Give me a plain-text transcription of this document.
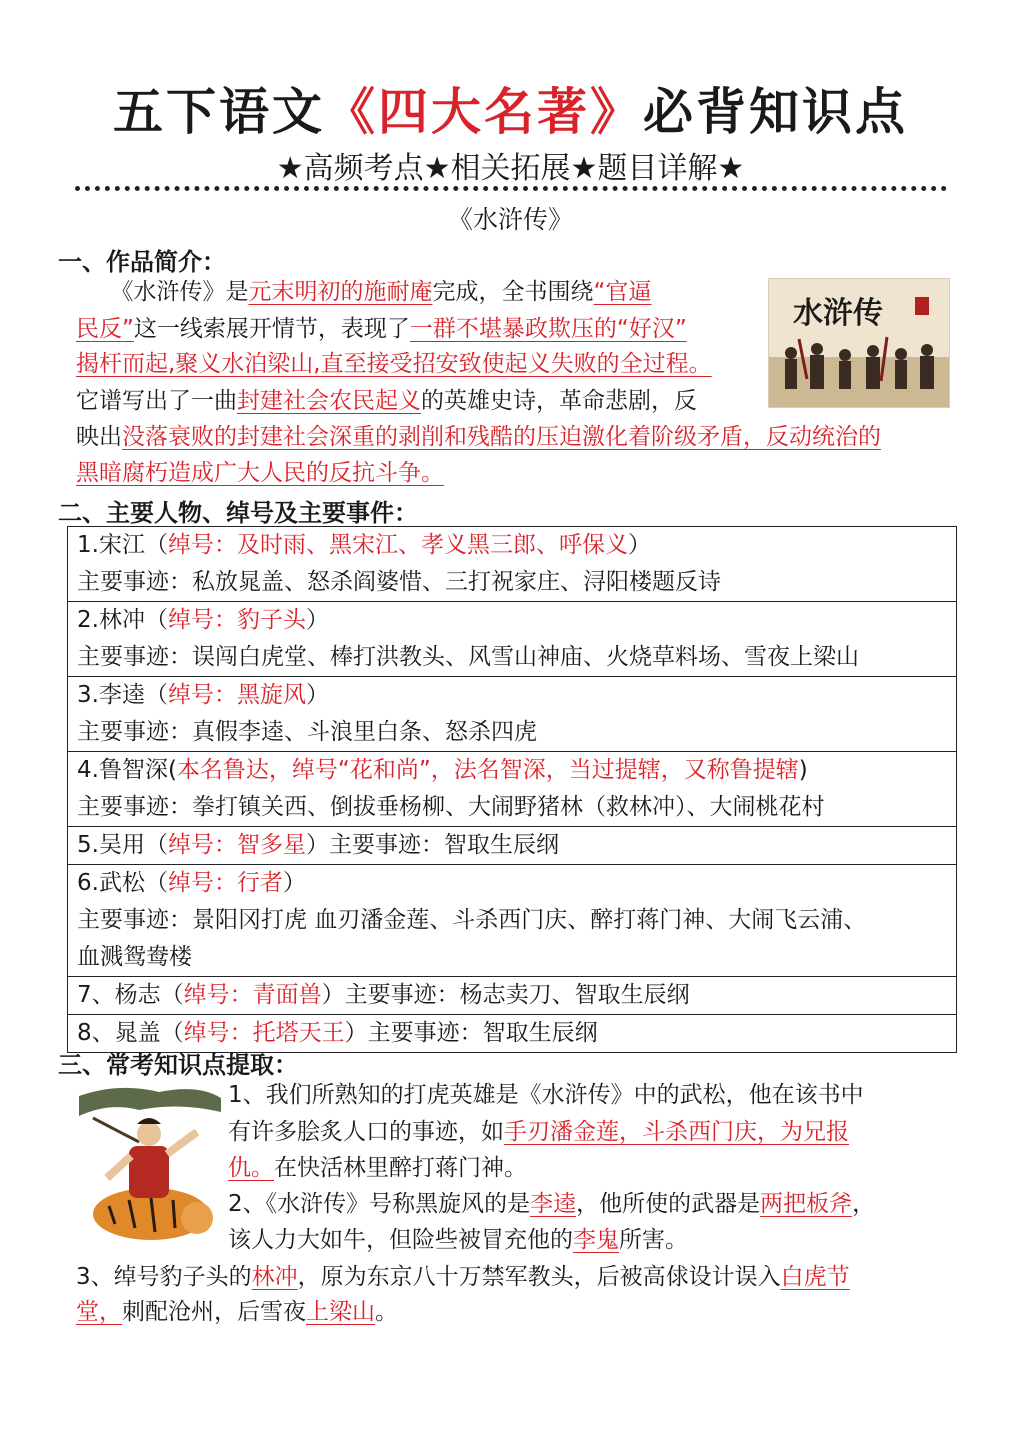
五下语文《四大名著》必背知识点
★高频考点★相关拓展★题目详解★
《水浒传》
一、作品简介：
　　《水浒传》是元末明初的施耐庵完成，全书围绕“官逼
民反”这一线索展开情节，表现了一群不堪暴政欺压的“好汉”
揭杆而起,聚义水泊梁山,直至接受招安致使起义失败的全过程。
它谱写出了一曲封建社会农民起义的英雄史诗，革命悲剧，反
映出没落衰败的封建社会深重的剥削和残酷的压迫激化着阶级矛盾，反动统治的
黑暗腐朽造成广大人民的反抗斗争。
水浒传
二、主要人物、绰号及主要事件：
1.宋江（绰号：及时雨、黑宋江、孝义黑三郎、呼保义）
主要事迹：私放晁盖、怒杀阎婆惜、三打祝家庄、浔阳楼题反诗

2.林冲（绰号：豹子头）
主要事迹：误闯白虎堂、棒打洪教头、风雪山神庙、火烧草料场、雪夜上梁山

3.李逵（绰号：黑旋风）
主要事迹：真假李逵、斗浪里白条、怒杀四虎

4.鲁智深(本名鲁达，绰号“花和尚”，法名智深，当过提辖，又称鲁提辖)
主要事迹：拳打镇关西、倒拔垂杨柳、大闹野猪林（救林冲）、大闹桃花村

5.吴用（绰号：智多星）主要事迹：智取生辰纲

6.武松（绰号：行者）
主要事迹：景阳冈打虎 血刃潘金莲、斗杀西门庆、醉打蒋门神、大闹飞云浦、
血溅鸳鸯楼

7、杨志（绰号：青面兽）主要事迹：杨志卖刀、智取生辰纲

8、晁盖（绰号：托塔天王）主要事迹：智取生辰纲
三、常考知识点提取：
1、我们所熟知的打虎英雄是《水浒传》中的武松，他在该书中
有许多脍炙人口的事迹，如手刃潘金莲，斗杀西门庆，为兄报
仇。在快活林里醉打蒋门神。
2、《水浒传》号称黑旋风的是李逵，他所使的武器是两把板斧，
该人力大如牛，但险些被冒充他的李鬼所害。
3、绰号豹子头的林冲，原为东京八十万禁军教头，后被高俅设计误入白虎节
堂，刺配沧州，后雪夜上梁山。
